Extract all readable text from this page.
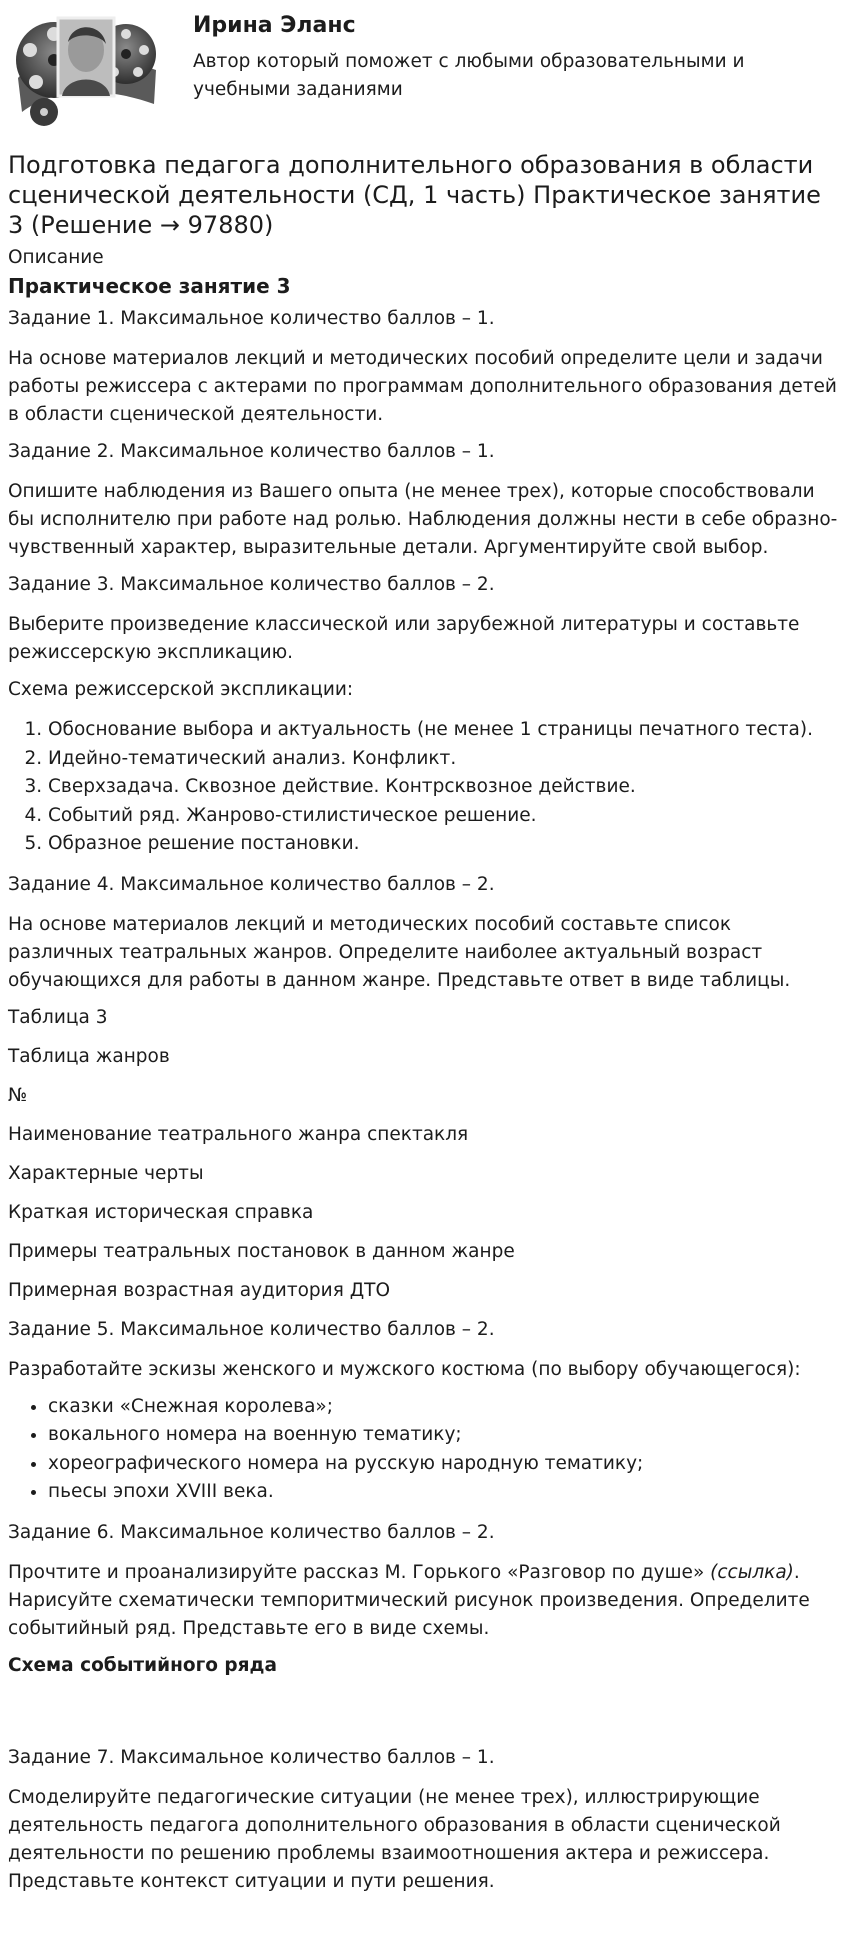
Ирина Эланс

Автор который поможет с любыми образовательными и учебными заданиями

Подготовка педагога дополнительного образования в области сценической деятельности (СД, 1 часть) Практическое занятие 3 (Решение → 97880)

Описание

Практическое занятие 3

Задание 1. Максимальное количество баллов – 1.

На основе материалов лекций и методических пособий определите цели и задачи работы режиссера с актерами по программам дополнительного образования детей в области сценической деятельности.

Задание 2. Максимальное количество баллов – 1.

Опишите наблюдения из Вашего опыта (не менее трех), которые способствовали бы исполнителю при работе над ролью. Наблюдения должны нести в себе образно-чувственный характер, выразительные детали. Аргументируйте свой выбор.

Задание 3. Максимальное количество баллов – 2.

Выберите произведение классической или зарубежной литературы и составьте режиссерскую экспликацию.

Схема режиссерской экспликации:

1. Обоснование выбора и актуальность (не менее 1 страницы печатного теста).
2. Идейно-тематический анализ. Конфликт.
3. Сверхзадача. Сквозное действие. Контрсквозное действие.
4. Событий ряд. Жанрово-стилистическое решение.
5. Образное решение постановки.

Задание 4. Максимальное количество баллов – 2.

На основе материалов лекций и методических пособий составьте список различных театральных жанров. Определите наиболее актуальный возраст обучающихся для работы в данном жанре. Представьте ответ в виде таблицы.

Таблица 3

Таблица жанров

№

Наименование театрального жанра спектакля

Характерные черты

Краткая историческая справка

Примеры театральных постановок в данном жанре

Примерная возрастная аудитория ДТО

Задание 5. Максимальное количество баллов – 2.

Разработайте эскизы женского и мужского костюма (по выбору обучающегося):

• сказки «Снежная королева»;
• вокального номера на военную тематику;
• хореографического номера на русскую народную тематику;
• пьесы эпохи XVIII века.

Задание 6. Максимальное количество баллов – 2.

Прочтите и проанализируйте рассказ М. Горького «Разговор по душе» (ссылка). Нарисуйте схематически темпоритмический рисунок произведения. Определите событийный ряд. Представьте его в виде схемы.

Схема событийного ряда

Задание 7. Максимальное количество баллов – 1.

Смоделируйте педагогические ситуации (не менее трех), иллюстрирующие деятельность педагога дополнительного образования в области сценической деятельности по решению проблемы взаимоотношения актера и режиссера. Представьте контекст ситуации и пути решения.
